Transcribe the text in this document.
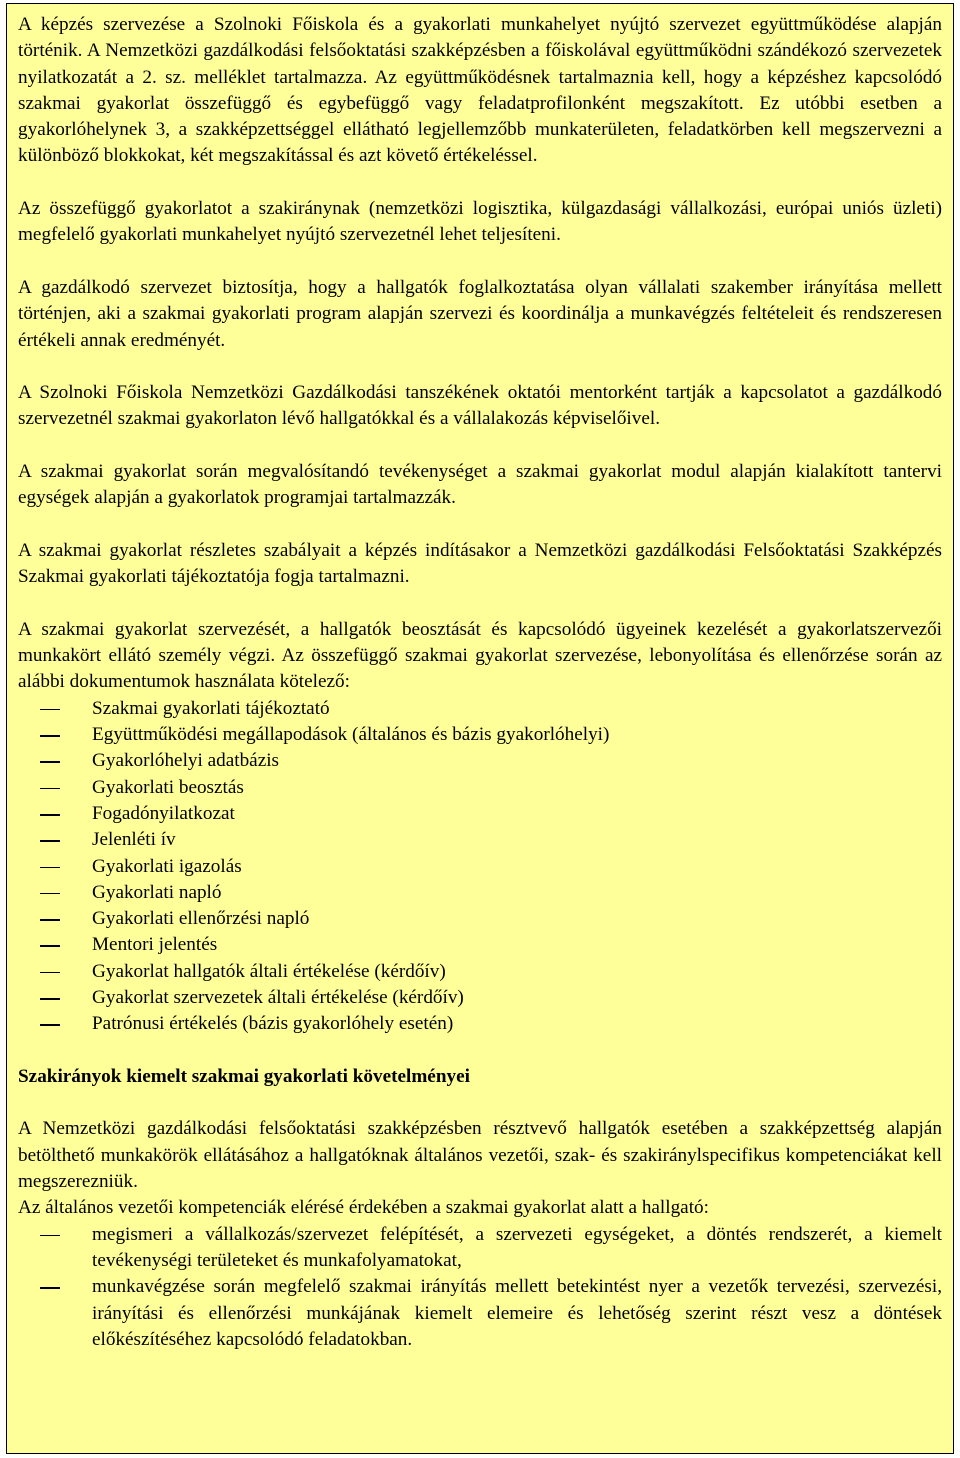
A képzés szervezése a Szolnoki Főiskola és a gyakorlati munkahelyet nyújtó szervezet együttműködése alapján történik. A Nemzetközi gazdálkodási felsőoktatási szakképzésben a főiskolával együttműködni szándékozó szervezetek nyilatkozatát a 2. sz. melléklet tartalmazza. Az együttműködésnek tartalmaznia kell, hogy a képzéshez kapcsolódó szakmai gyakorlat összefüggő és egybefüggő vagy feladatprofilonként megszakított. Ez utóbbi esetben a gyakorlóhelynek 3, a szakképzettséggel ellátható legjellemzőbb munkaterületen, feladatkörben kell megszervezni a különböző blokkokat, két megszakítással és azt követő értékeléssel.

Az összefüggő gyakorlatot a szakiránynak (nemzetközi logisztika, külgazdasági vállalkozási, európai uniós üzleti) megfelelő gyakorlati munkahelyet nyújtó szervezetnél lehet teljesíteni.

A gazdálkodó szervezet biztosítja, hogy a hallgatók foglalkoztatása olyan vállalati szakember irányítása mellett történjen, aki a szakmai gyakorlati program alapján szervezi és koordinálja a munkavégzés feltételeit és rendszeresen értékeli annak eredményét.

A Szolnoki Főiskola Nemzetközi Gazdálkodási tanszékének oktatói mentorként tartják a kapcsolatot a gazdálkodó szervezetnél szakmai gyakorlaton lévő hallgatókkal és a vállalakozás képviselőivel.

A szakmai gyakorlat során megvalósítandó tevékenységet a szakmai gyakorlat modul alapján kialakított tantervi egységek alapján a gyakorlatok programjai tartalmazzák.

A szakmai gyakorlat részletes szabályait a képzés indításakor a Nemzetközi gazdálkodási Felsőoktatási Szakképzés Szakmai gyakorlati tájékoztatója fogja tartalmazni.

A szakmai gyakorlat szervezését, a hallgatók beosztását és kapcsolódó ügyeinek kezelését a gyakorlatszervezői munkakört ellátó személy végzi. Az összefüggő szakmai gyakorlat szervezése, lebonyolítása és ellenőrzése során az alábbi dokumentumok használata kötelező:

Szakmai gyakorlati tájékoztató
Együttműködési megállapodások (általános és bázis gyakorlóhelyi)
Gyakorlóhelyi adatbázis
Gyakorlati beosztás
Fogadónyilatkozat
Jelenléti ív
Gyakorlati igazolás
Gyakorlati napló
Gyakorlati ellenőrzési napló
Mentori jelentés
Gyakorlat hallgatók általi értékelése (kérdőív)
Gyakorlat szervezetek általi értékelése (kérdőív)
Patrónusi értékelés (bázis gyakorlóhely esetén)
Szakirányok kiemelt szakmai gyakorlati követelményei

A Nemzetközi gazdálkodási felsőoktatási szakképzésben résztvevő hallgatók esetében a szakképzettség alapján betölthető munkakörök ellátásához a hallgatóknak általános vezetői, szak- és szakiránylspecifikus kompetenciákat kell megszerezniük.

Az általános vezetői kompetenciák elérésé érdekében a szakmai gyakorlat alatt a hallgató:

megismeri a vállalkozás/szervezet felépítését, a szervezeti egységeket, a döntés rendszerét, a kiemelt tevékenységi területeket és munkafolyamatokat,
munkavégzése során megfelelő szakmai irányítás mellett betekintést nyer a vezetők tervezési, szervezési, irányítási és ellenőrzési munkájának kiemelt elemeire és lehetőség szerint részt vesz a döntések előkészítéséhez kapcsolódó feladatokban.
